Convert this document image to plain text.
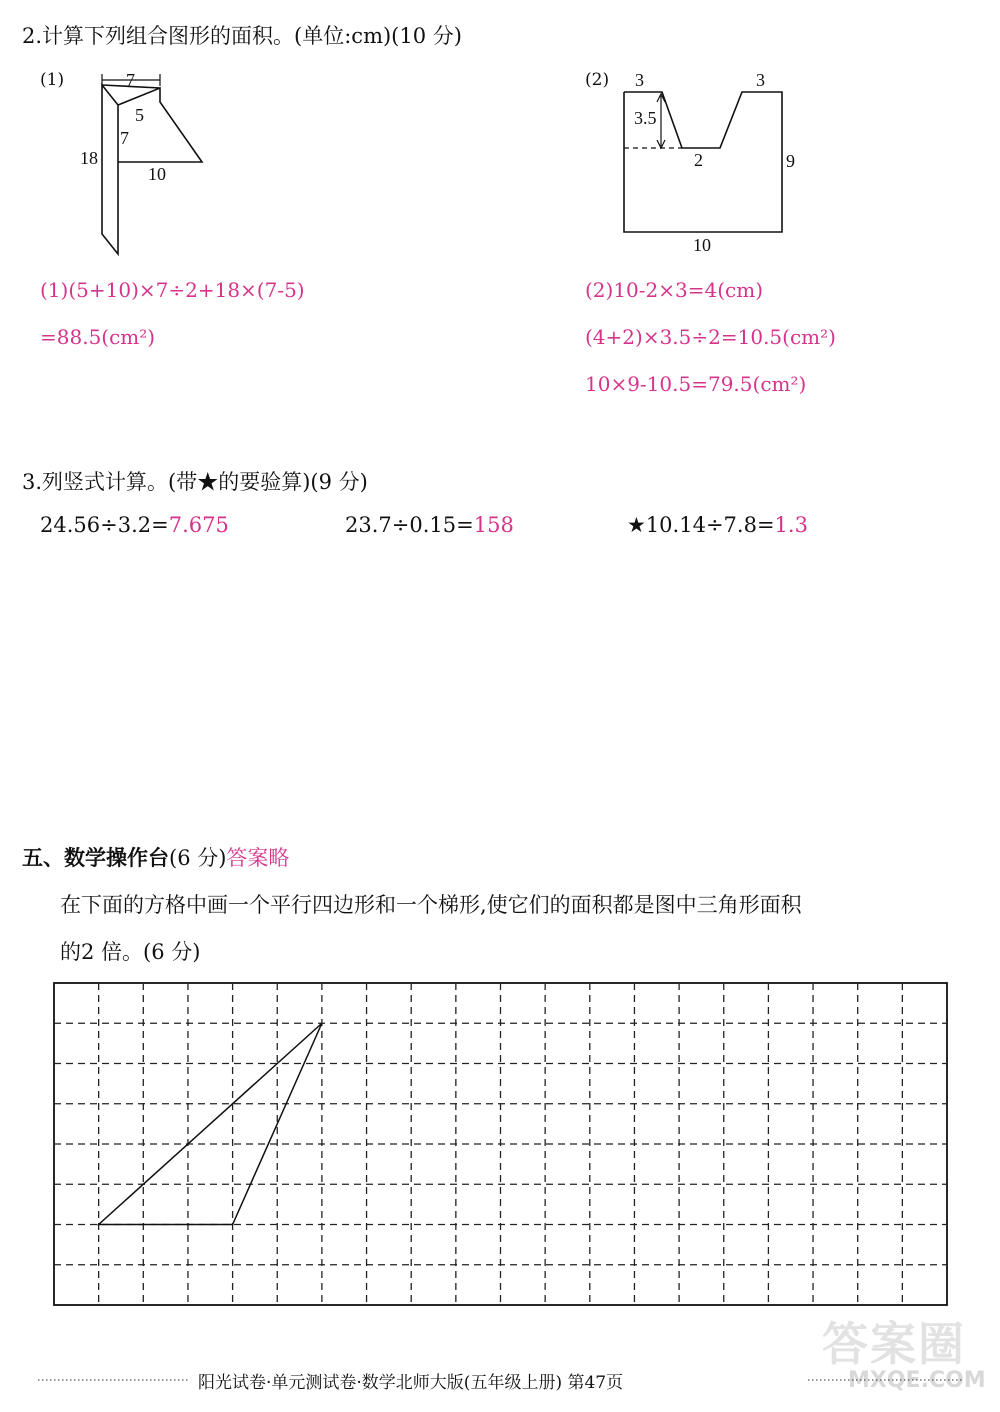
2.计算下列组合图形的面积。(单位:cm)(10 分)
(1)	7
5
7
18
10
(2) 3	3
3.5
2	9
10
(1)(5+10)×7÷2+18×(7-5)
=88.5(cm²)
(2)10-2×3=4(cm)
(4+2)×3.5÷2=10.5(cm²)
10×9-10.5=79.5(cm²)
3.列竖式计算。(带★的要验算)(9 分)
24.56÷3.2=7.675	23.7÷0.15=158	★10.14÷7.8=1.3
五、数学操作台(6 分)答案略
在下面的方格中画一个平行四边形和一个梯形,使它们的面积都是图中三角形面积
的2 倍。(6 分)
答案圈
MXQE.COM
阳光试卷·单元测试卷·数学北师大版(五年级上册) 第47页
